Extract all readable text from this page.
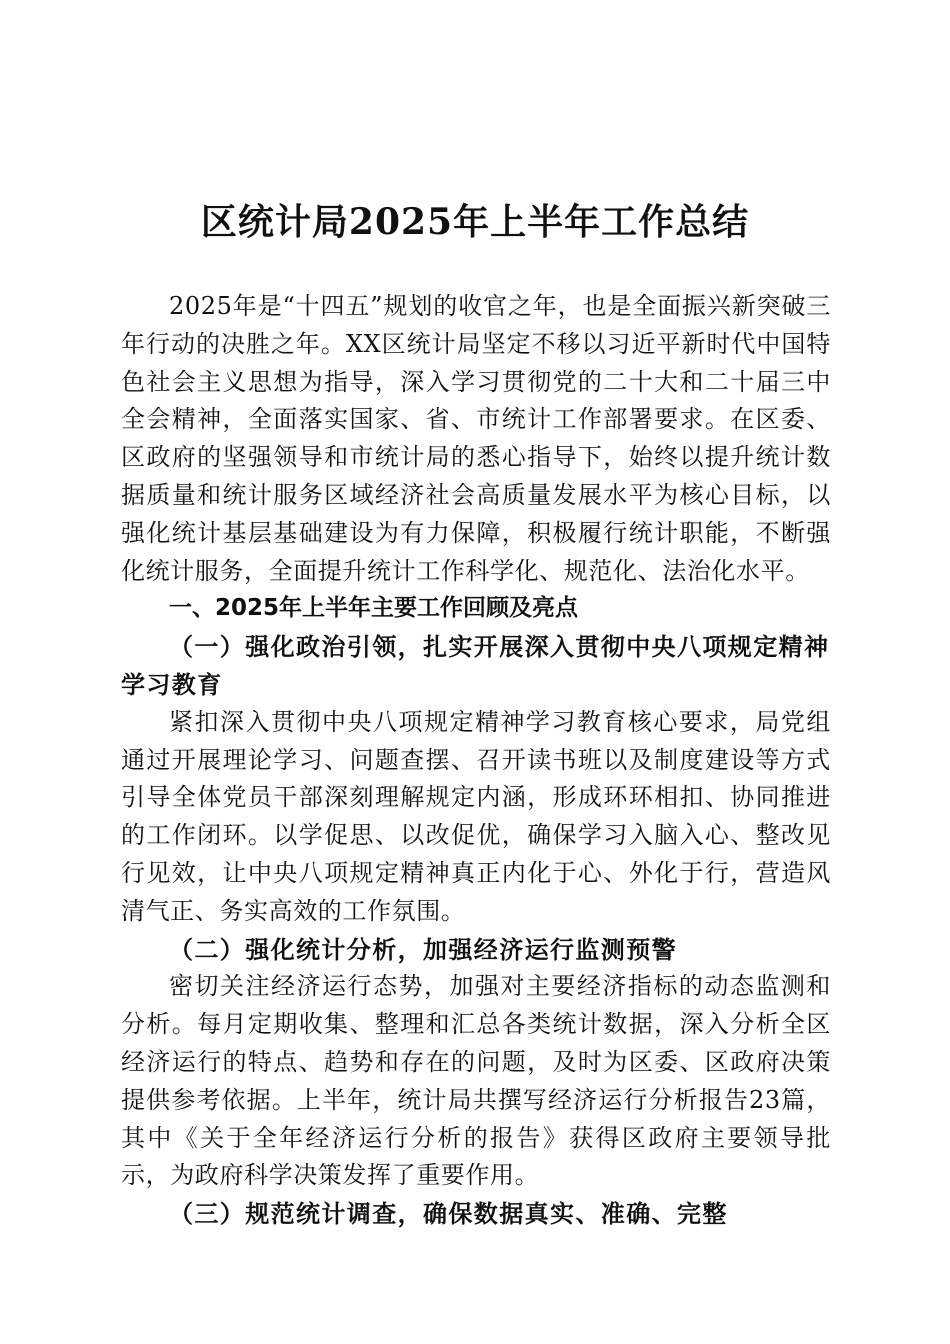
区统计局2025年上半年工作总结

2025年是“十四五”规划的收官之年，也是全面振兴新突破三年行动的决胜之年。XX区统计局坚定不移以习近平新时代中国特色社会主义思想为指导，深入学习贯彻党的二十大和二十届三中全会精神，全面落实国家、省、市统计工作部署要求。在区委、区政府的坚强领导和市统计局的悉心指导下，始终以提升统计数据质量和统计服务区域经济社会高质量发展水平为核心目标，以强化统计基层基础建设为有力保障，积极履行统计职能，不断强化统计服务，全面提升统计工作科学化、规范化、法治化水平。

一、2025年上半年主要工作回顾及亮点

（一）强化政治引领，扎实开展深入贯彻中央八项规定精神学习教育

紧扣深入贯彻中央八项规定精神学习教育核心要求，局党组通过开展理论学习、问题查摆、召开读书班以及制度建设等方式引导全体党员干部深刻理解规定内涵，形成环环相扣、协同推进的工作闭环。以学促思、以改促优，确保学习入脑入心、整改见行见效，让中央八项规定精神真正内化于心、外化于行，营造风清气正、务实高效的工作氛围。

（二）强化统计分析，加强经济运行监测预警

密切关注经济运行态势，加强对主要经济指标的动态监测和分析。每月定期收集、整理和汇总各类统计数据，深入分析全区经济运行的特点、趋势和存在的问题，及时为区委、区政府决策提供参考依据。上半年，统计局共撰写经济运行分析报告23篇，其中《关于全年经济运行分析的报告》获得区政府主要领导批示，为政府科学决策发挥了重要作用。

（三）规范统计调查，确保数据真实、准确、完整
